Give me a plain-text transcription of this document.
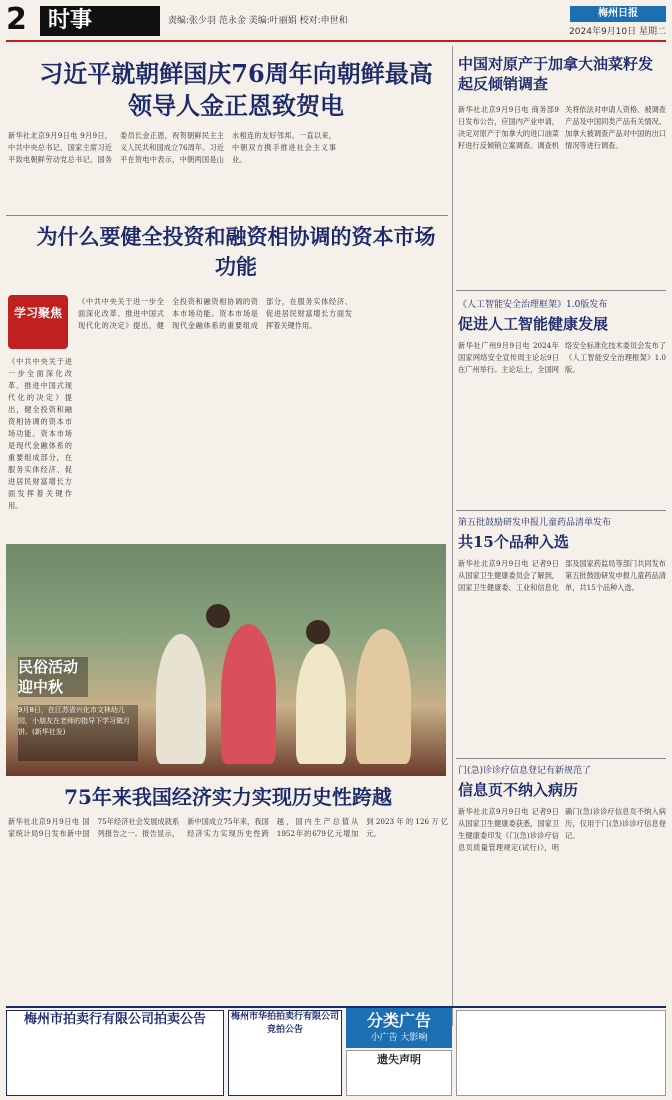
2 时事	责编:张少羽 范永金 美编:叶丽娟 校对:申世和
梅州日报
2024年9月10日 星期二
习近平就朝鲜国庆76周年向朝鲜最高领导人金正恩致贺电
新华社北京9月9日电 9月9日，中共中央总书记、国家主席习近平致电朝鲜劳动党总书记、国务委员长金正恩，祝贺朝鲜民主主义人民共和国成立76周年。习近平在贺电中表示，中朝两国是山水相连的友好邻邦。一直以来，中朝双方携手推进社会主义事业。
中国对原产于加拿大油菜籽发起反倾销调查
新华社北京9月9日电 商务部9日发布公告，应国内产业申请，决定对原产于加拿大的进口油菜籽进行反倾销立案调查。调查机关将依法对申请人资格、被调查产品及中国同类产品有关情况、加拿大被调查产品对中国的出口情况等进行调查。
为什么要健全投资和融资相协调的资本市场功能
学习聚焦
《中共中央关于进一步全面深化改革、推进中国式现代化的决定》提出，健全投资和融资相协调的资本市场功能。资本市场是现代金融体系的重要组成部分，在服务实体经济、促进居民财富增长方面发挥着关键作用。
《中共中央关于进一步全面深化改革、推进中国式现代化的决定》提出，健全投资和融资相协调的资本市场功能。资本市场是现代金融体系的重要组成部分，在服务实体经济、促进居民财富增长方面发挥着关键作用。
《人工智能安全治理框架》1.0版发布
促进人工智能健康发展
新华社广州9月9日电 2024年国家网络安全宣传周主论坛9日在广州举行。主论坛上，全国网络安全标准化技术委员会发布了《人工智能安全治理框架》1.0版。
第五批鼓励研发申报儿童药品清单发布
共15个品种入选
新华社北京9月9日电 记者9日从国家卫生健康委员会了解到，国家卫生健康委、工业和信息化部及国家药监局等部门共同发布第五批鼓励研发申报儿童药品清单，共15个品种入选。
民俗活动迎中秋
9月8日，在江苏省兴化市文林幼儿园，小朋友在老师的指导下学习做月饼。(新华社发)
门(急)诊诊疗信息登记有新规范了
信息页不纳入病历
新华社北京9月9日电 记者9日从国家卫生健康委获悉，国家卫生健康委印发《门(急)诊诊疗信息页质量管理规定(试行)》，明确门(急)诊诊疗信息页不纳入病历，仅用于门(急)诊诊疗信息登记。
75年来我国经济实力实现历史性跨越
新华社北京9月9日电 国家统计局9日发布新中国75年经济社会发展成就系列报告之一。报告显示，新中国成立75年来，我国经济实力实现历史性跨越，国内生产总值从1952年的679亿元增加到2023年的126万亿元。
梅州市拍卖行有限公司拍卖公告	梅州市华拍拍卖行有限公司竞拍公告	分类广告
小广告 大影响
遗失声明
